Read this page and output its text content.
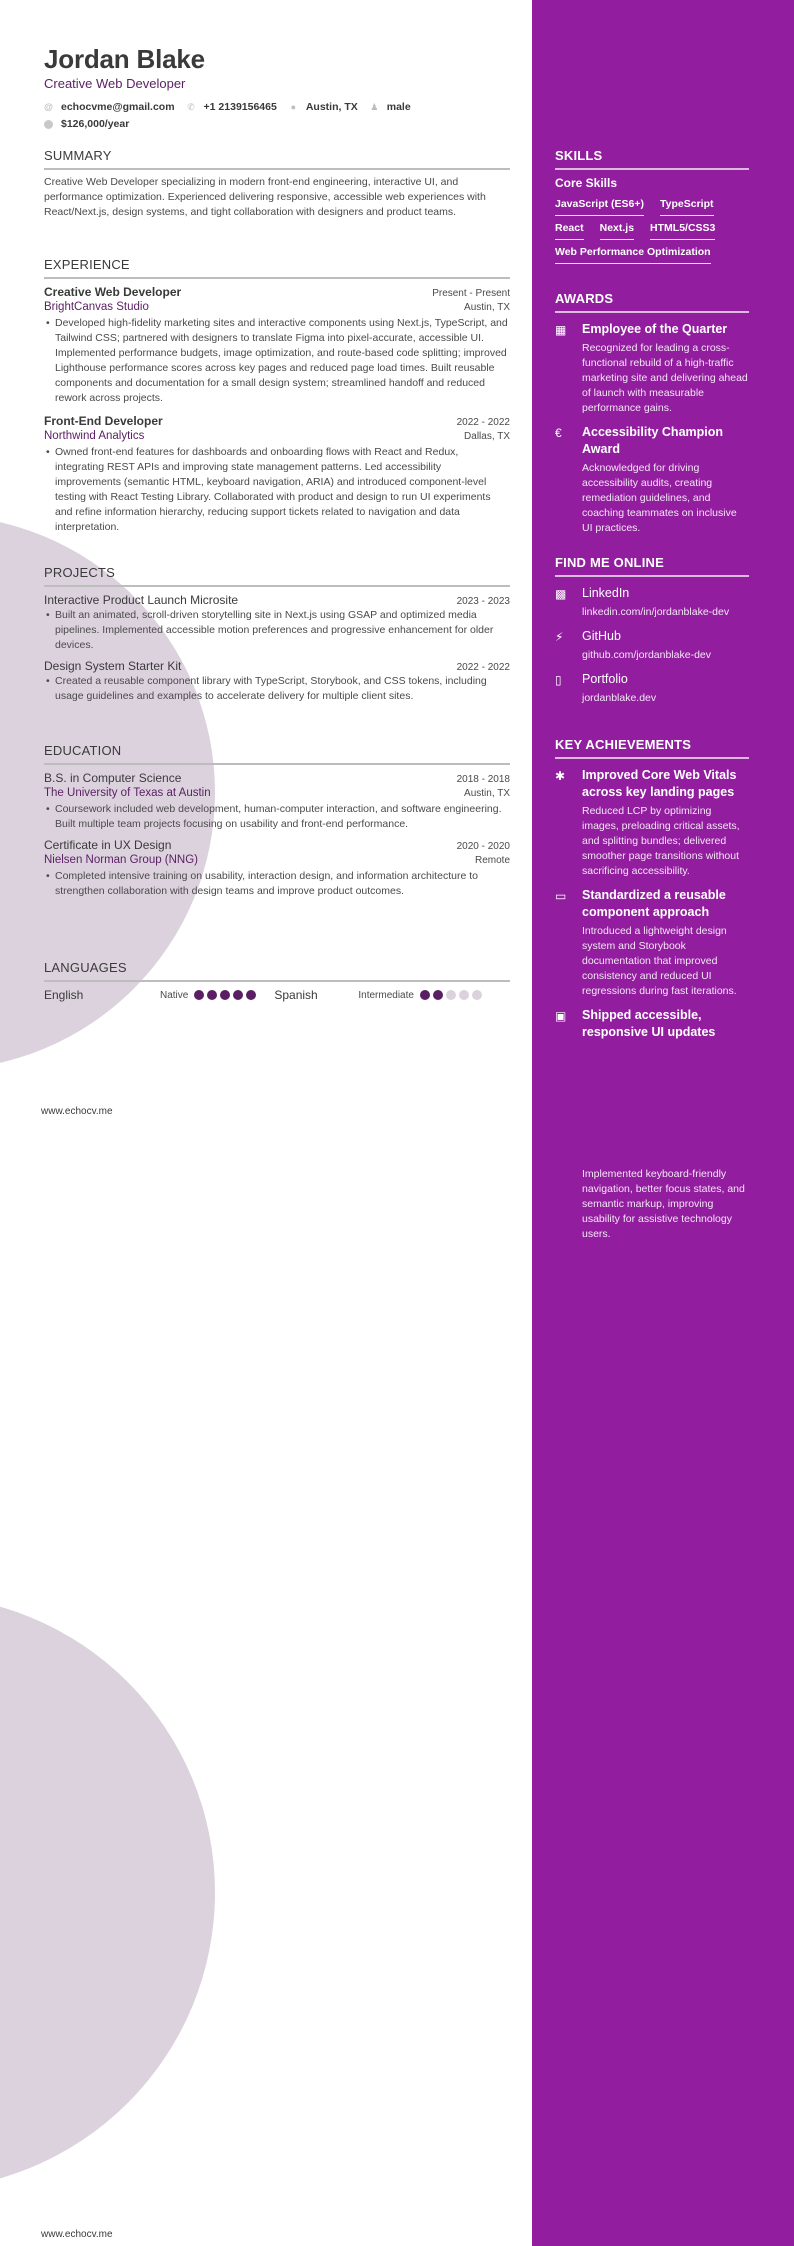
Jordan Blake
Creative Web Developer
@ echocvme@gmail.com ✆ +1 2139156465 ● Austin, TX ♟ male
$126,000/year
SUMMARY
Creative Web Developer specializing in modern front-end engineering, interactive UI, and performance optimization. Experienced delivering responsive, accessible web experiences with React/Next.js, design systems, and tight collaboration with designers and product teams.
EXPERIENCE
Creative Web Developer	Present - Present
BrightCanvas Studio	Austin, TX
• Developed high-fidelity marketing sites and interactive components using Next.js, TypeScript, and Tailwind CSS; partnered with designers to translate Figma into pixel-accurate, accessible UI. Implemented performance budgets, image optimization, and route-based code splitting; improved Lighthouse performance scores across key pages and reduced page load times. Built reusable components and documentation for a small design system; streamlined handoff and reduced rework across projects.
Front-End Developer	2022 - 2022
Northwind Analytics	Dallas, TX
• Owned front-end features for dashboards and onboarding flows with React and Redux, integrating REST APIs and improving state management patterns. Led accessibility improvements (semantic HTML, keyboard navigation, ARIA) and introduced component-level testing with React Testing Library. Collaborated with product and design to run UI experiments and refine information hierarchy, reducing support tickets related to navigation and data interpretation.
PROJECTS
Interactive Product Launch Microsite	2023 - 2023
• Built an animated, scroll-driven storytelling site in Next.js using GSAP and optimized media pipelines. Implemented accessible motion preferences and progressive enhancement for older devices.
Design System Starter Kit	2022 - 2022
• Created a reusable component library with TypeScript, Storybook, and CSS tokens, including usage guidelines and examples to accelerate delivery for multiple client sites.
EDUCATION
B.S. in Computer Science	2018 - 2018
The University of Texas at Austin	Austin, TX
• Coursework included web development, human-computer interaction, and software engineering. Built multiple team projects focusing on usability and front-end performance.
Certificate in UX Design	2020 - 2020
Nielsen Norman Group (NNG)	Remote
• Completed intensive training on usability, interaction design, and information architecture to strengthen collaboration with design teams and improve product outcomes.
LANGUAGES
English	Native	Spanish	Intermediate
www.echocv.me
www.echocv.me
SKILLS
Core Skills
JavaScript (ES6+) TypeScript
React Next.js HTML5/CSS3
Web Performance Optimization
AWARDS
▦	Employee of the Quarter
Recognized for leading a cross-functional rebuild of a high-traffic marketing site and delivering ahead of launch with measurable performance gains.
€	Accessibility Champion Award
Acknowledged for driving accessibility audits, creating remediation guidelines, and coaching teammates on inclusive UI practices.
FIND ME ONLINE
▩	LinkedIn
linkedin.com/in/jordanblake-dev
⚡	GitHub
github.com/jordanblake-dev
▯	Portfolio
jordanblake.dev
KEY ACHIEVEMENTS
✱	Improved Core Web Vitals across key landing pages
Reduced LCP by optimizing images, preloading critical assets, and splitting bundles; delivered smoother page transitions without sacrificing accessibility.
▭	Standardized a reusable component approach
Introduced a lightweight design system and Storybook documentation that improved consistency and reduced UI regressions during fast iterations.
▣	Shipped accessible, responsive UI updates
Implemented keyboard-friendly navigation, better focus states, and semantic markup, improving usability for assistive technology users.
